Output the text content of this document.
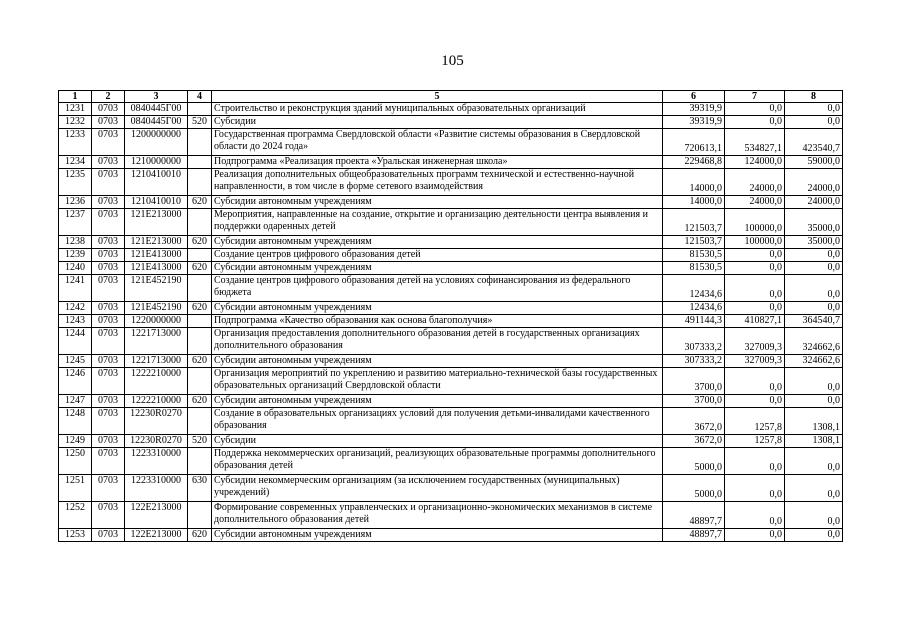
105
1	2	3	4	5	6	7	8
1231	0703	0840445Г00		Строительство и реконструкция зданий муниципальных образовательных организаций	39319,9	0,0	0,0
1232	0703	0840445Г00	520	Субсидии	39319,9	0,0	0,0
1233	0703	1200000000		Государственная программа Свердловской области «Развитие системы образования в Свердловской области до 2024 года»	720613,1	534827,1	423540,7
1234	0703	1210000000		Подпрограмма «Реализация проекта «Уральская инженерная школа»	229468,8	124000,0	59000,0
1235	0703	1210410010		Реализация дополнительных общеобразовательных программ технической и естественно-научной направленности, в том числе в форме сетевого взаимодействия	14000,0	24000,0	24000,0
1236	0703	1210410010	620	Субсидии автономным учреждениям	14000,0	24000,0	24000,0
1237	0703	121E213000		Мероприятия, направленные на создание, открытие и организацию деятельности центра выявления и поддержки одаренных детей	121503,7	100000,0	35000,0
1238	0703	121E213000	620	Субсидии автономным учреждениям	121503,7	100000,0	35000,0
1239	0703	121E413000		Создание центров цифрового образования детей	81530,5	0,0	0,0
1240	0703	121E413000	620	Субсидии автономным учреждениям	81530,5	0,0	0,0
1241	0703	121E452190		Создание центров цифрового образования детей на условиях софинансирования из федерального бюджета	12434,6	0,0	0,0
1242	0703	121E452190	620	Субсидии автономным учреждениям	12434,6	0,0	0,0
1243	0703	1220000000		Подпрограмма «Качество образования как основа благополучия»	491144,3	410827,1	364540,7
1244	0703	1221713000		Организация предоставления дополнительного образования детей в государственных организациях дополнительного образования	307333,2	327009,3	324662,6
1245	0703	1221713000	620	Субсидии автономным учреждениям	307333,2	327009,3	324662,6
1246	0703	1222210000		Организация мероприятий по укреплению и развитию материально-технической базы государственных образовательных организаций Свердловской области	3700,0	0,0	0,0
1247	0703	1222210000	620	Субсидии автономным учреждениям	3700,0	0,0	0,0
1248	0703	12230R0270		Создание в образовательных организациях условий для получения детьми-инвалидами качественного образования	3672,0	1257,8	1308,1
1249	0703	12230R0270	520	Субсидии	3672,0	1257,8	1308,1
1250	0703	1223310000		Поддержка некоммерческих организаций, реализующих образовательные программы дополнительного образования детей	5000,0	0,0	0,0
1251	0703	1223310000	630	Субсидии некоммерческим организациям (за исключением государственных (муниципальных) учреждений)	5000,0	0,0	0,0
1252	0703	122E213000		Формирование современных управленческих и организационно-экономических механизмов в системе дополнительного образования детей	48897,7	0,0	0,0
1253	0703	122E213000	620	Субсидии автономным учреждениям	48897,7	0,0	0,0
